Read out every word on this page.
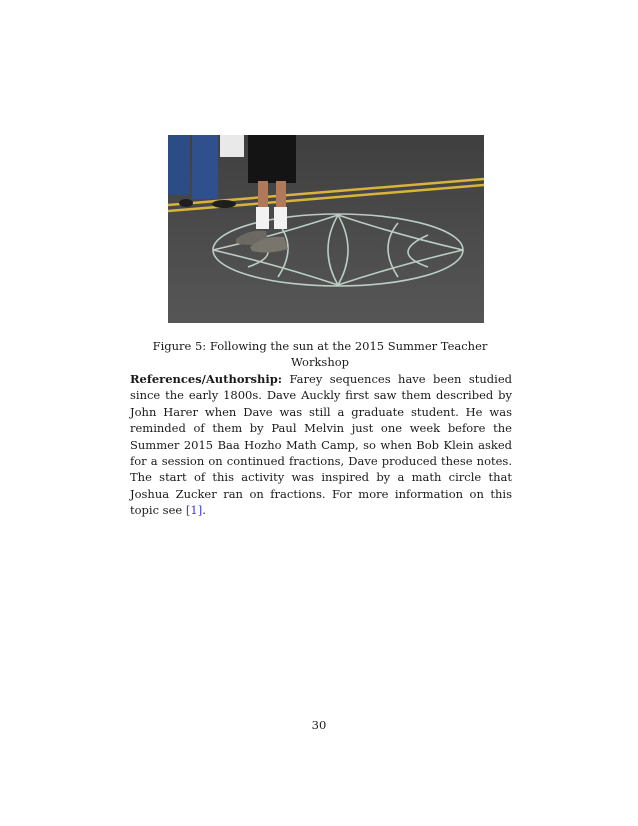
Figure 5: Following the sun at the 2015 Summer Teacher Workshop

References/Authorship: Farey sequences have been studied since the early 1800s. Dave Auckly first saw them described by John Harer when Dave was still a graduate student. He was reminded of them by Paul Melvin just one week before the Summer 2015 Baa Hozho Math Camp, so when Bob Klein asked for a session on continued fractions, Dave produced these notes. The start of this activity was inspired by a math circle that Joshua Zucker ran on fractions. For more information on this topic see [1].

30
